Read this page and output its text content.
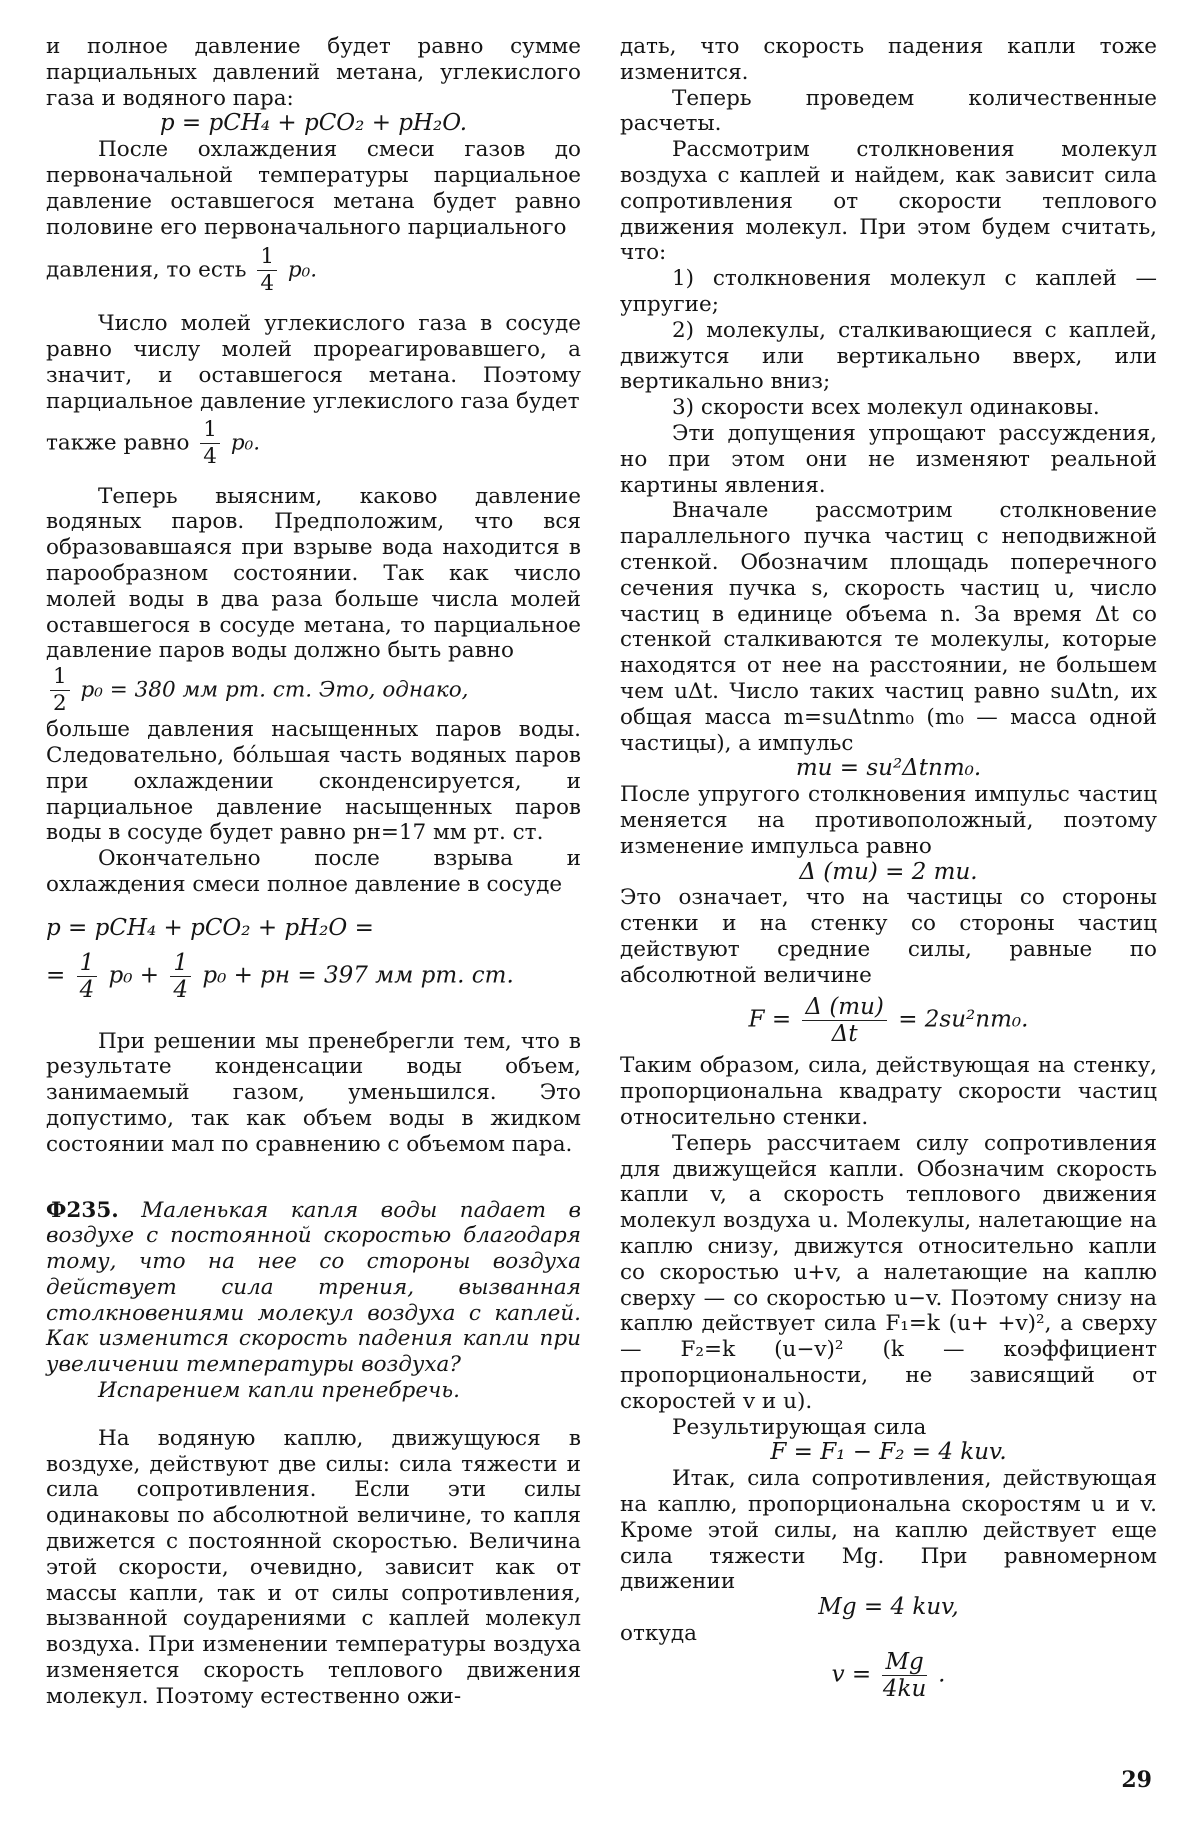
и полное давление будет равно сумме парциальных давлений метана, углекислого газа и водяного пара:

p = pCH₄ + pCO₂ + pH₂O.

После охлаждения смеси газов до первоначальной температуры парциальное давление оставшегося метана будет равно половине его первоначального парциального

давления, то есть $\frac{1}{4} p_0$.

Число молей углекислого газа в сосуде равно числу молей прореагировавшего, а значит, и оставшегося метана. Поэтому парциальное давление углекислого газа будет

также равно $\frac{1}{4} p_0$.

Теперь выясним, каково давление водяных паров. Предположим, что вся образовавшаяся при взрыве вода находится в парообразном состоянии. Так как число молей воды в два раза больше числа молей оставшегося в сосуде метана, то парциальное давление паров воды должно быть равно

$\frac{1}{2} p_0 = 380$ мм рт. ст. Это, однако,

больше давления насыщенных паров воды. Следовательно, бóльшая часть водяных паров при охлаждении сконденсируется, и парциальное давление насыщенных паров воды в сосуде будет равно pн=17 мм рт. ст.

Окончательно после взрыва и охлаждения смеси полное давление в сосуде

p = pCH₄ + pCO₂ + pH₂O =
= $\frac{1}{4} p_0 + \frac{1}{4} p_0$ + pн = 397 мм рт. ст.

При решении мы пренебрегли тем, что в результате конденсации воды объем, занимаемый газом, уменьшился. Это допустимо, так как объем воды в жидком состоянии мал по сравнению с объемом пара.

Ф235. Маленькая капля воды падает в воздухе с постоянной скоростью благодаря тому, что на нее со стороны воздуха действует сила трения, вызванная столкновениями молекул воздуха с каплей. Как изменится скорость падения капли при увеличении температуры воздуха?

Испарением капли пренебречь.

На водяную каплю, движущуюся в воздухе, действуют две силы: сила тяжести и сила сопротивления. Если эти силы одинаковы по абсолютной величине, то капля движется с постоянной скоростью. Величина этой скорости, очевидно, зависит как от массы капли, так и от силы сопротивления, вызванной соударениями с каплей молекул воздуха. При изменении температуры воздуха изменяется скорость теплового движения молекул. Поэтому естественно ожи-

дать, что скорость падения капли тоже изменится.

Теперь проведем количественные расчеты.

Рассмотрим столкновения молекул воздуха с каплей и найдем, как зависит сила сопротивления от скорости теплового движения молекул. При этом будем считать, что:

1) столкновения молекул с каплей — упругие;

2) молекулы, сталкивающиеся с каплей, движутся или вертикально вверх, или вертикально вниз;

3) скорости всех молекул одинаковы.

Эти допущения упрощают рассуждения, но при этом они не изменяют реальной картины явления.

Вначале рассмотрим столкновение параллельного пучка частиц с неподвижной стенкой. Обозначим площадь поперечного сечения пучка s, скорость частиц u, число частиц в единице объема n. За время Δt со стенкой сталкиваются те молекулы, которые находятся от нее на расстоянии, не большем чем uΔt. Число таких частиц равно suΔtn, их общая масса m=suΔtnm₀ (m₀ — масса одной частицы), а импульс

mu = su²Δtnm₀.

После упругого столкновения импульс частиц меняется на противоположный, поэтому изменение импульса равно

Δ (mu) = 2 mu.

Это означает, что на частицы со стороны стенки и на стенку со стороны частиц действуют средние силы, равные по абсолютной величине

$F = \frac{\Delta (mu)}{\Delta t} = 2su^2nm_0$.

Таким образом, сила, действующая на стенку, пропорциональна квадрату скорости частиц относительно стенки.

Теперь рассчитаем силу сопротивления для движущейся капли. Обозначим скорость капли v, а скорость теплового движения молекул воздуха u. Молекулы, налетающие на каплю снизу, движутся относительно капли со скоростью u+v, а налетающие на каплю сверху — со скоростью u−v. Поэтому снизу на каплю действует сила F₁=k (u+ +v)², а сверху — F₂=k (u−v)² (k — коэффициент пропорциональности, не зависящий от скоростей v и u).

Результирующая сила

F = F₁ − F₂ = 4 kuv.

Итак, сила сопротивления, действующая на каплю, пропорциональна скоростям u и v. Кроме этой силы, на каплю действует еще сила тяжести Mg. При равномерном движении

Mg = 4 kuv,

откуда

$v = \frac{Mg}{4ku}$ .
29
